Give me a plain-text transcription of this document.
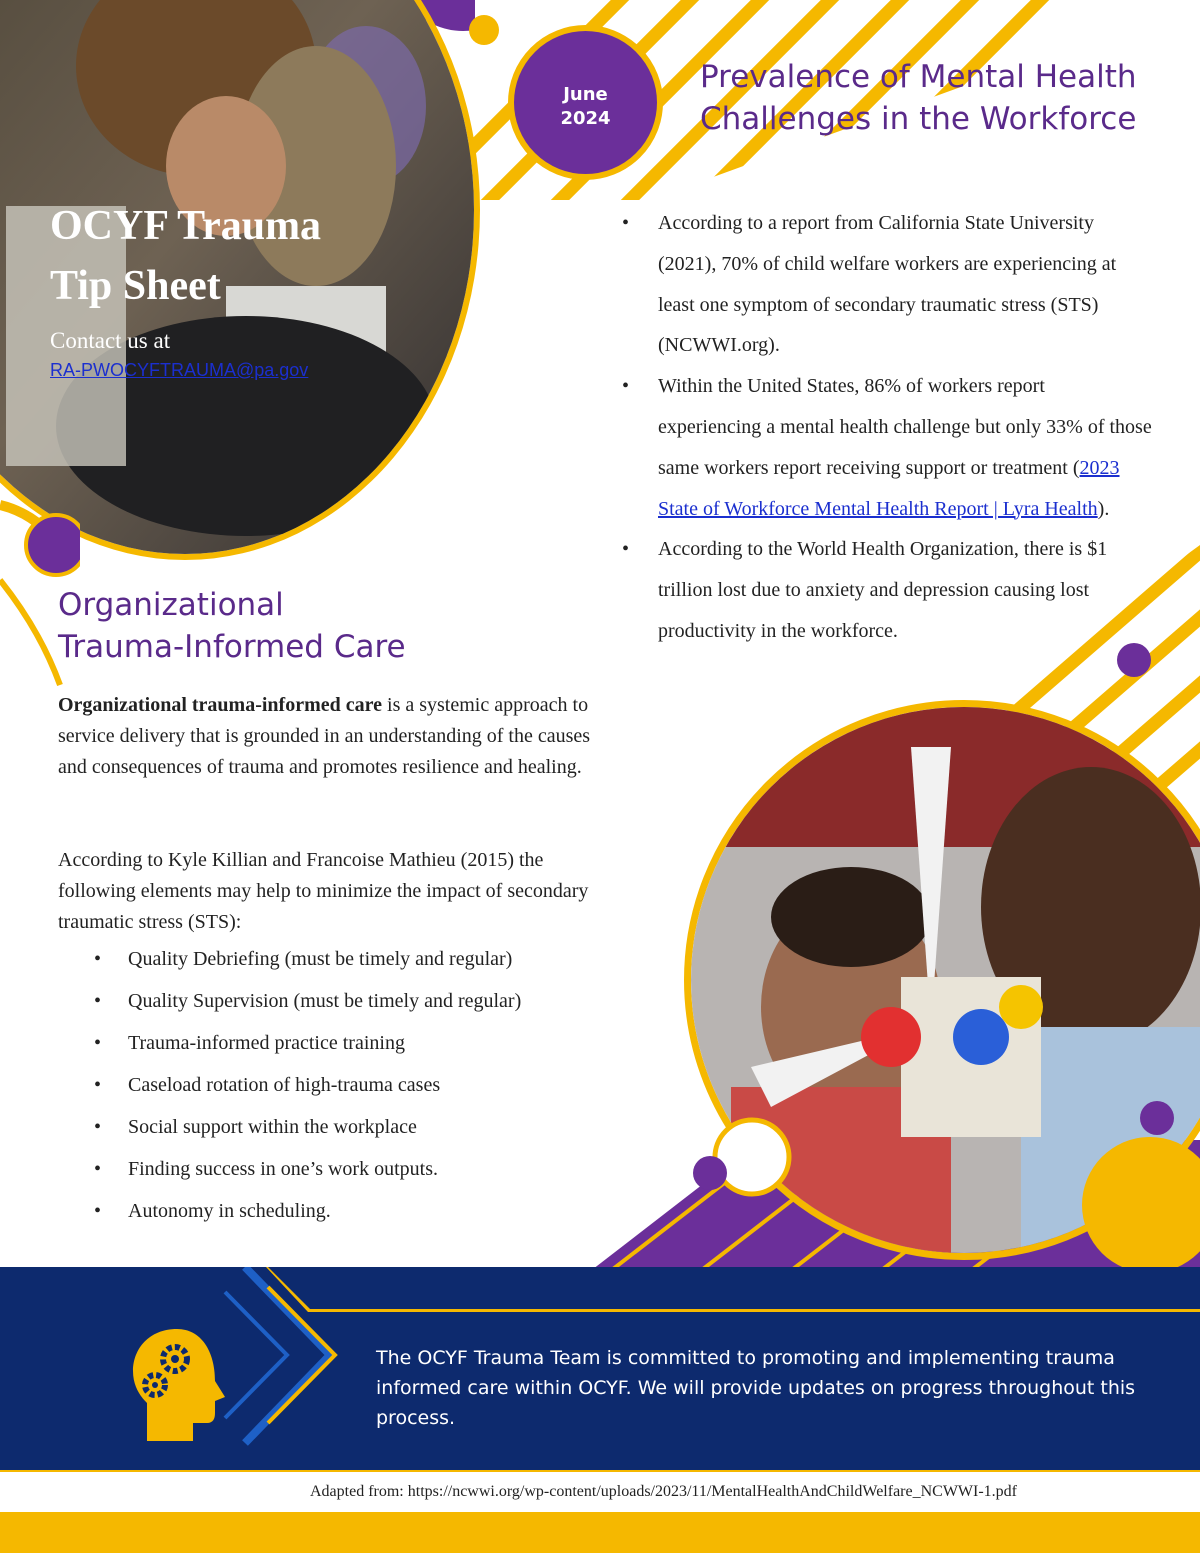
OCYF Trauma
Tip Sheet
Contact us at
RA-PWOCYFTRAUMA@pa.gov
June
2024
Prevalence of Mental Health
Challenges in the Workforce
• According to a report from California State University (2021), 70% of child welfare workers are experiencing at least one symptom of secondary traumatic stress (STS) (NCWWI.org).
• Within the United States, 86% of workers report experiencing a mental health challenge but only 33% of those same workers report receiving support or treatment (2023 State of Workforce Mental Health Report | Lyra Health).
• According to the World Health Organization, there is $1 trillion lost due to anxiety and depression causing lost productivity in the workforce.
Organizational
Trauma-Informed Care
Organizational trauma-informed care is a systemic approach to service delivery that is grounded in an understanding of the causes and consequences of trauma and promotes resilience and healing.
According to Kyle Killian and Francoise Mathieu (2015) the following elements may help to minimize the impact of secondary traumatic stress (STS):
• Quality Debriefing (must be timely and regular)
• Quality Supervision (must be timely and regular)
• Trauma-informed practice training
• Caseload rotation of high-trauma cases
• Social support within the workplace
• Finding success in one’s work outputs.
• Autonomy in scheduling.
The OCYF Trauma Team is committed to promoting and implementing trauma informed care within OCYF. We will provide updates on progress throughout this process.
Adapted from: https://ncwwi.org/wp-content/uploads/2023/11/MentalHealthAndChildWelfare_NCWWI-1.pdf
